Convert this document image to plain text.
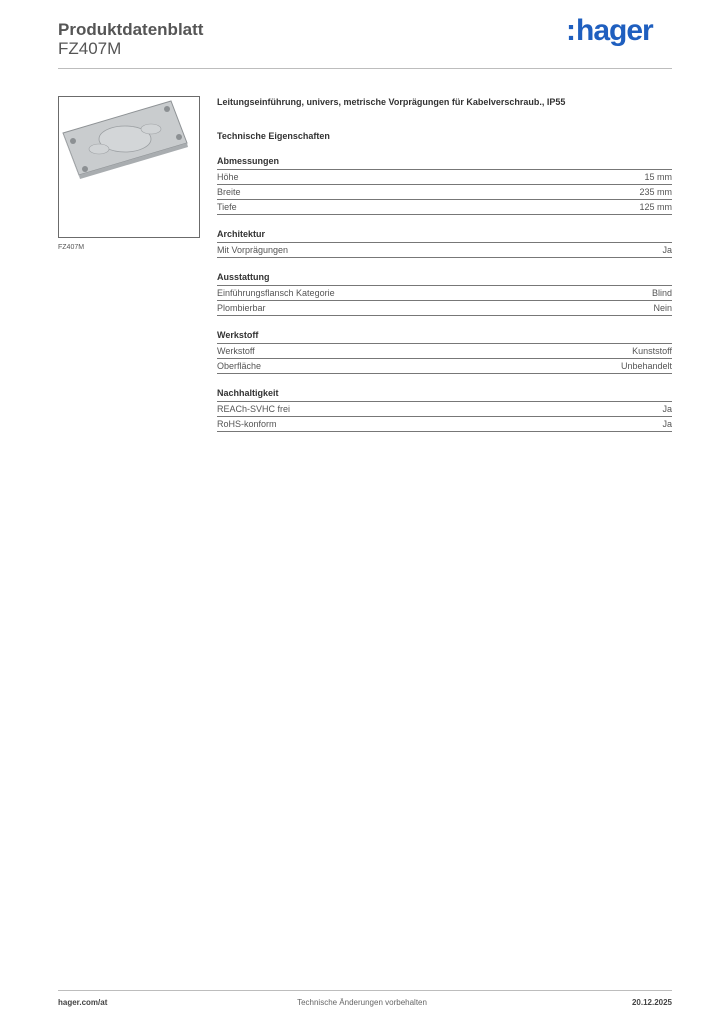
Produktdatenblatt
FZ407M
:hager
FZ407M

Leitungseinführung, univers, metrische Vorprägungen für Kabelverschraub., IP55

Technische Eigenschaften
Abmessungen
Höhe	15 mm
Breite	235 mm
Tiefe	125 mm
Architektur
Mit Vorprägungen	Ja
Ausstattung
Einführungsflansch Kategorie	Blind
Plombierbar	Nein
Werkstoff
Werkstoff	Kunststoff
Oberfläche	Unbehandelt
Nachhaltigkeit
REACh-SVHC frei	Ja
RoHS-konform	Ja
hager.com/at	Technische Änderungen vorbehalten	20.12.2025
